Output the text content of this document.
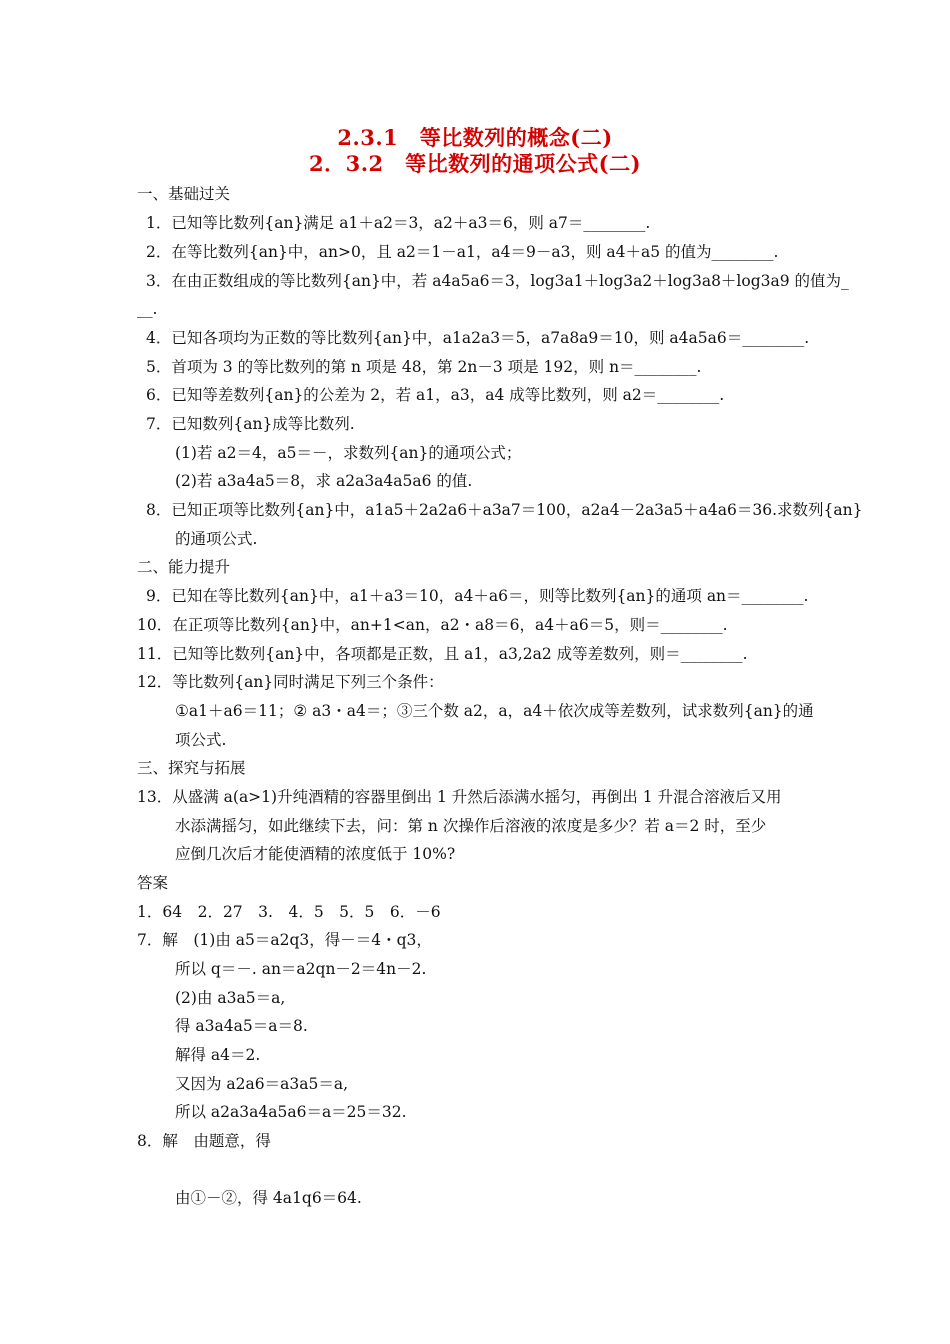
2.3.1　等比数列的概念(二)
2．3.2　等比数列的通项公式(二)
一、基础过关
1．已知等比数列{an}满足 a1＋a2＝3，a2＋a3＝6，则 a7＝________.
2．在等比数列{an}中，an>0，且 a2＝1－a1，a4＝9－a3，则 a4＋a5 的值为________.
3．在由正数组成的等比数列{an}中，若 a4a5a6＝3，log3a1＋log3a2＋log3a8＋log3a9 的值为_
__.
4．已知各项均为正数的等比数列{an}中，a1a2a3＝5，a7a8a9＝10，则 a4a5a6＝________.
5．首项为 3 的等比数列的第 n 项是 48，第 2n－3 项是 192，则 n＝________.
6．已知等差数列{an}的公差为 2，若 a1，a3，a4 成等比数列，则 a2＝________.
7．已知数列{an}成等比数列.
(1)若 a2＝4，a5＝－，求数列{an}的通项公式；
(2)若 a3a4a5＝8，求 a2a3a4a5a6 的值.
8．已知正项等比数列{an}中，a1a5＋2a2a6＋a3a7＝100，a2a4－2a3a5＋a4a6＝36.求数列{an}
的通项公式.
二、能力提升
9．已知在等比数列{an}中，a1＋a3＝10，a4＋a6＝，则等比数列{an}的通项 an＝________.
10．在正项等比数列{an}中，an+1<an，a2・a8＝6，a4＋a6＝5，则＝________.
11．已知等比数列{an}中，各项都是正数，且 a1，a3,2a2 成等差数列，则＝________.
12．等比数列{an}同时满足下列三个条件：
①a1＋a6＝11；② a3・a4＝；③三个数 a2，a，a4＋依次成等差数列，试求数列{an}的通
项公式.
三、探究与拓展
13．从盛满 a(a>1)升纯酒精的容器里倒出 1 升然后添满水摇匀，再倒出 1 升混合溶液后又用
水添满摇匀，如此继续下去，问：第 n 次操作后溶液的浓度是多少？若 a＝2 时，至少
应倒几次后才能使酒精的浓度低于 10%?
答案
1．64　2．27　3.　4．5　5．5　6．－6
7．解　(1)由 a5＝a2q3，得－＝4・q3，
所以 q＝－. an＝a2qn－2＝4n－2.
(2)由 a3a5＝a,
得 a3a4a5＝a＝8.
解得 a4＝2.
又因为 a2a6＝a3a5＝a,
所以 a2a3a4a5a6＝a＝25＝32.
8．解　由题意，得
由①－②，得 4a1q6＝64.
